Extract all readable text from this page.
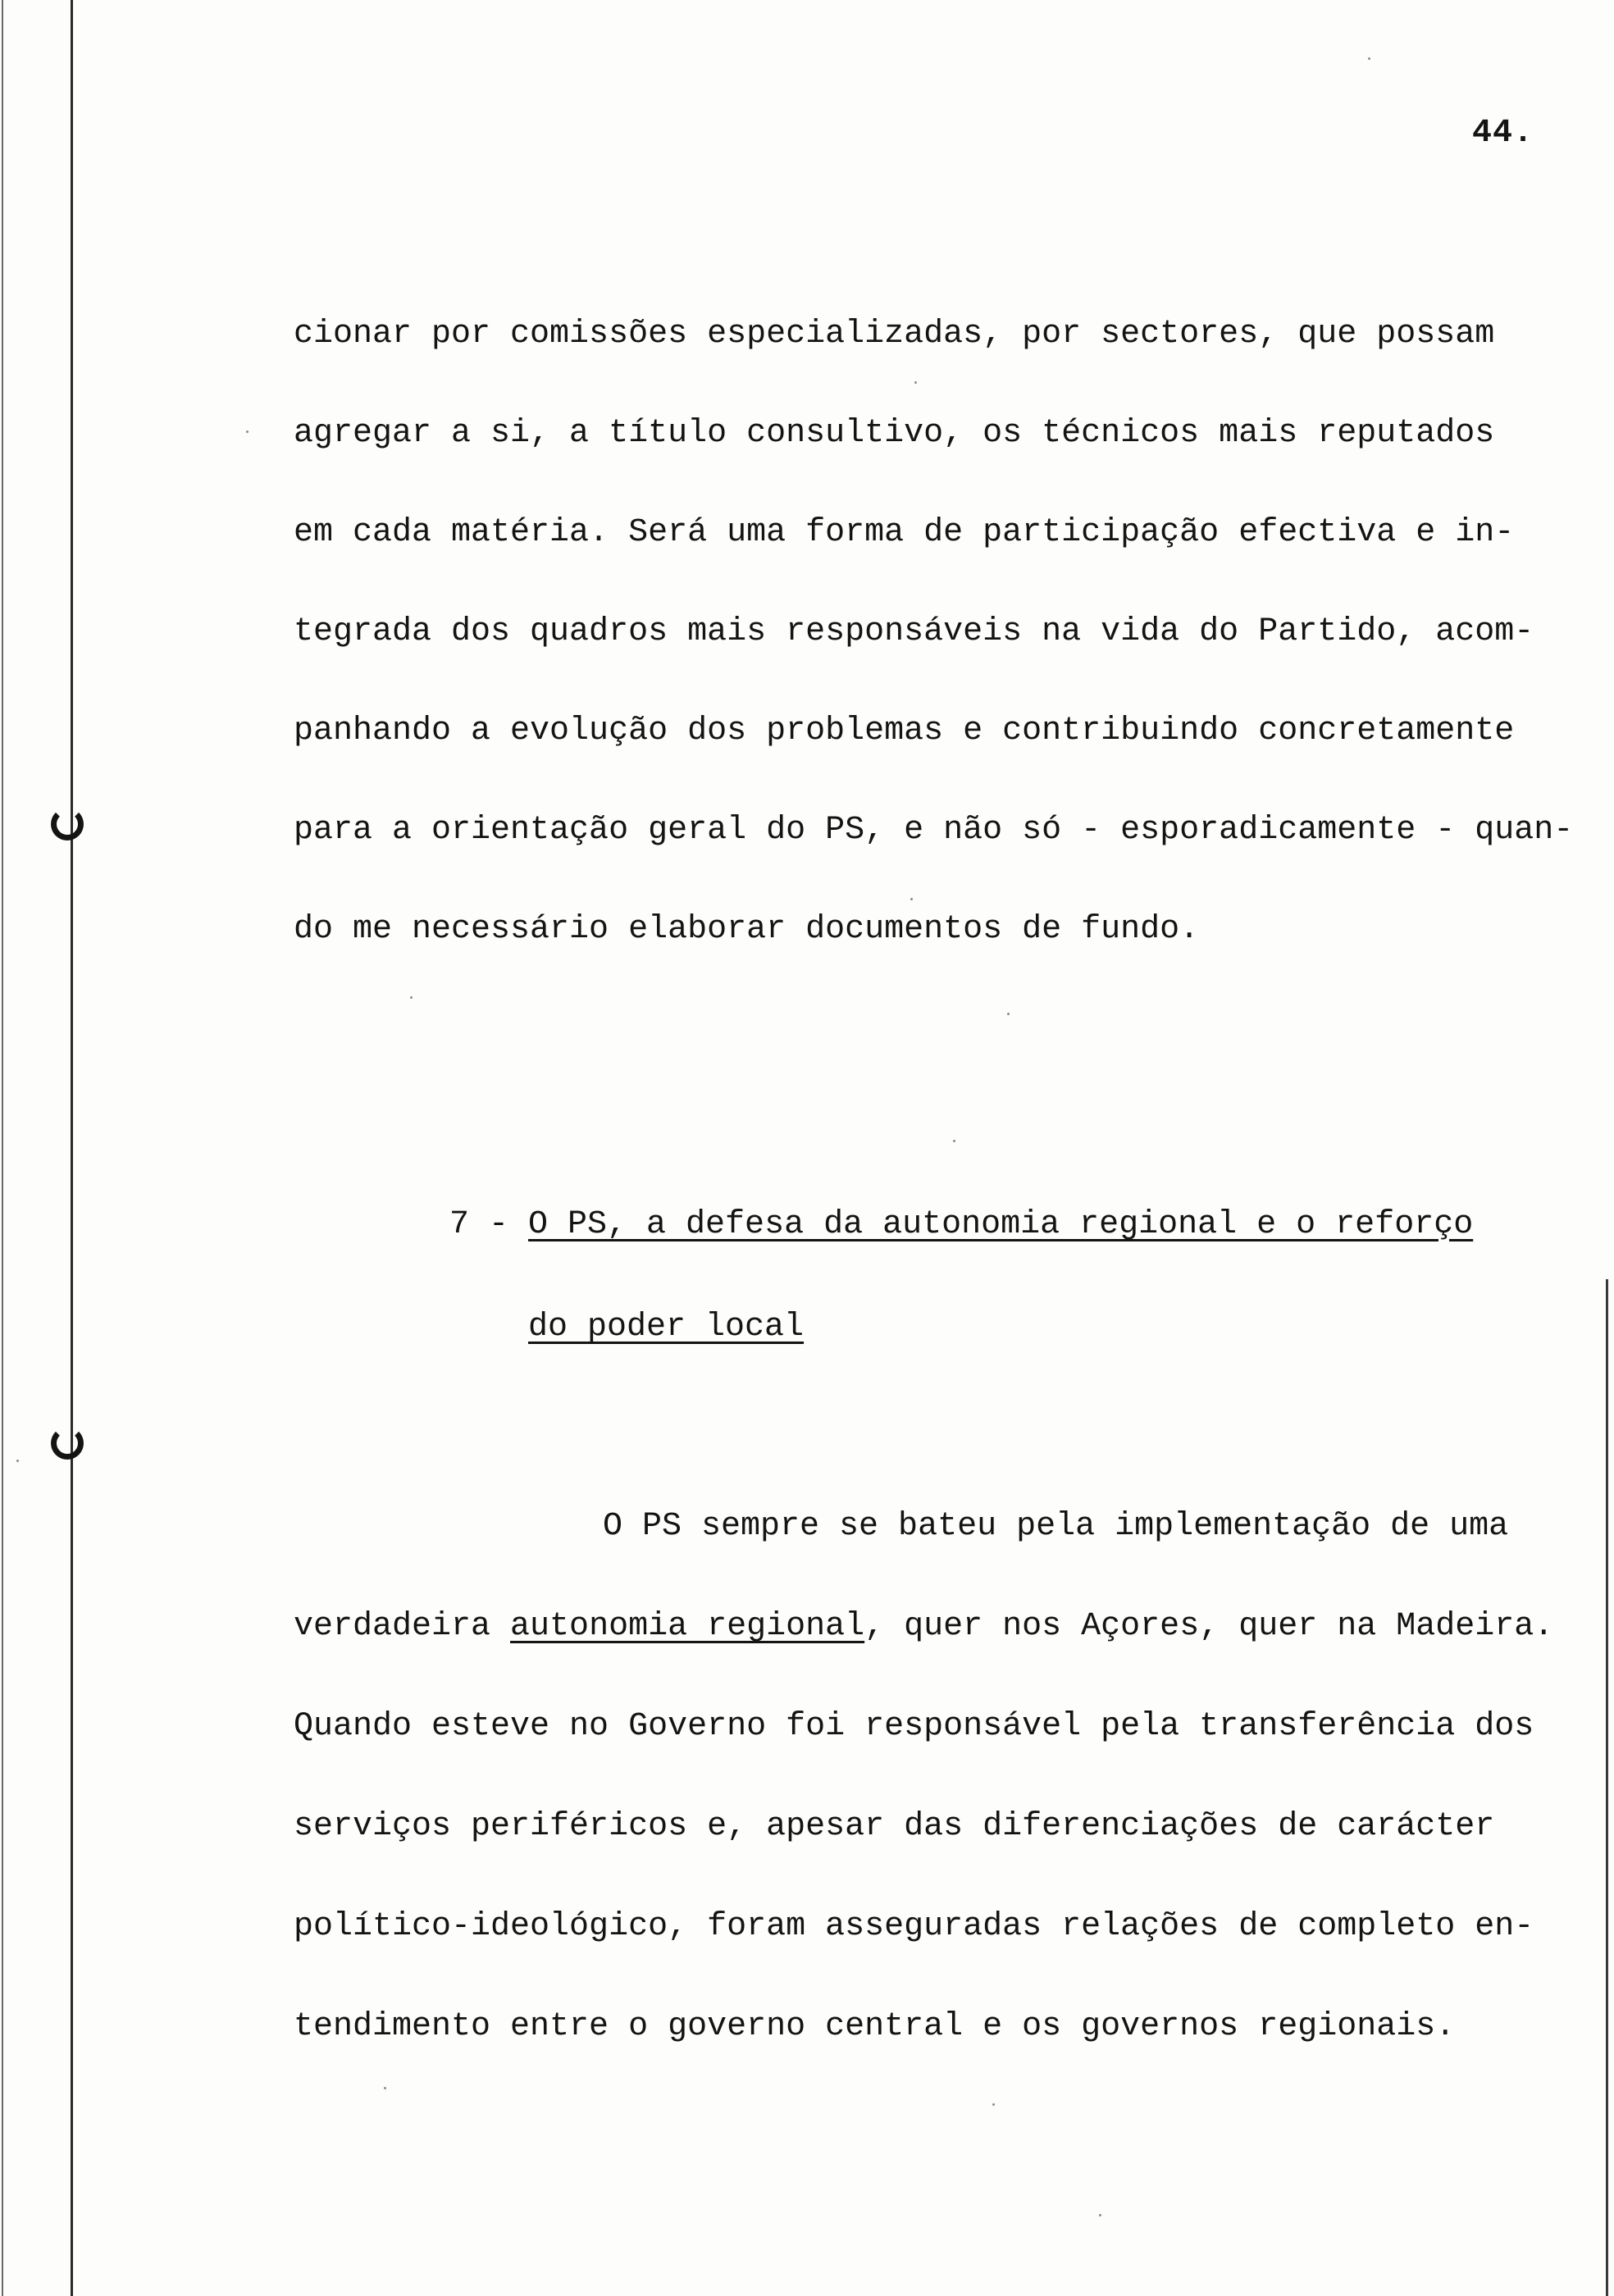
44.
cionar por comissões especializadas, por sectores, que possam
agregar a si, a título consultivo, os técnicos mais reputados
em cada matéria. Será uma forma de participação efectiva e in-
tegrada dos quadros mais responsáveis na vida do Partido, acom-
panhando a evolução dos problemas e contribuindo concretamente
para a orientação geral do PS, e não só - esporadicamente - quan-
do me necessário elaborar documentos de fundo.
7 - O PS, a defesa da autonomia regional e o reforço
do poder local
O PS sempre se bateu pela implementação de uma
verdadeira autonomia regional, quer nos Açores, quer na Madeira.
Quando esteve no Governo foi responsável pela transferência dos
serviços periféricos e, apesar das diferenciações de carácter
político-ideológico, foram asseguradas relações de completo en-
tendimento entre o governo central e os governos regionais.
